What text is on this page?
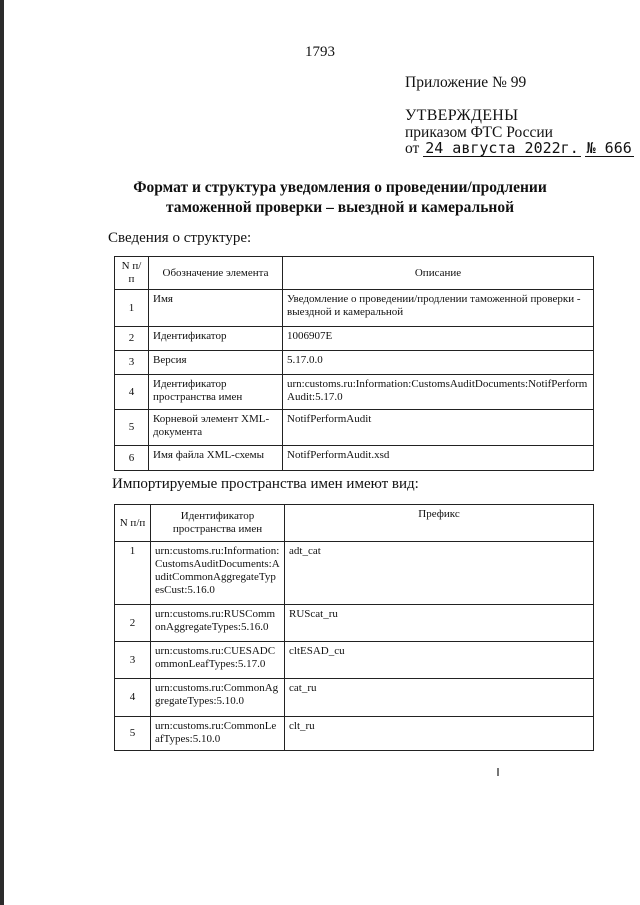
1793
Приложение № 99
УТВЕРЖДЕНЫ
приказом ФТС России
от 24 августа 2022г. № 666
Формат и структура уведомления о проведении/продлении
таможенной проверки – выездной и камеральной
Сведения о структуре:
N п/п	Обозначение элемента	Описание
1	Имя	Уведомление о проведении/продлении таможенной проверки - выездной и камеральной
2	Идентификатор	1006907E
3	Версия	5.17.0.0
4	Идентификатор пространства имен	urn:customs.ru:Information:CustomsAuditDocuments:NotifPerformAudit:5.17.0
5	Корневой элемент XML-документа	NotifPerformAudit
6	Имя файла XML-схемы	NotifPerformAudit.xsd
Импортируемые пространства имен имеют вид:
N п/п	Идентификатор пространства имен	Префикс
1	urn:customs.ru:Information:CustomsAuditDocuments:AuditCommonAggregateTypesCust:5.16.0	adt_cat
2	urn:customs.ru:RUSCommonAggregateTypes:5.16.0	RUScat_ru
3	urn:customs.ru:CUESADCommonLeafTypes:5.17.0	cltESAD_cu
4	urn:customs.ru:CommonAggregateTypes:5.10.0	cat_ru
5	urn:customs.ru:CommonLeafTypes:5.10.0	clt_ru
